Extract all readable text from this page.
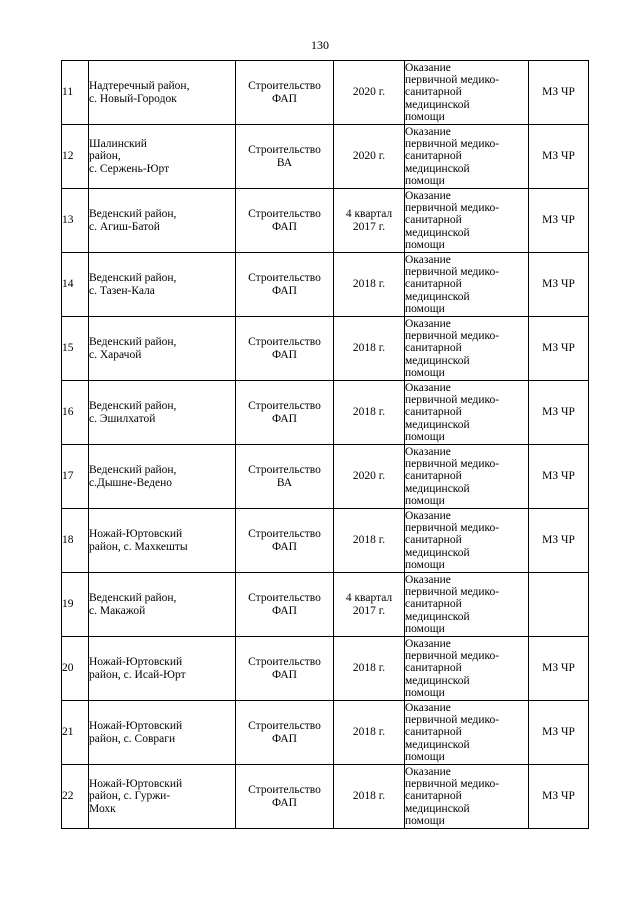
130
11	Надтеречный район,
с. Новый-Городок	Строительство
ФАП	2020 г.	Оказание
первичной медико-
санитарной
медицинской
помощи	МЗ ЧР
12	Шалинский
район,
с. Сержень-Юрт	Строительство
ВА	2020 г.	Оказание
первичной медико-
санитарной
медицинской
помощи	МЗ ЧР
13	Веденский район,
с. Агиш-Батой	Строительство
ФАП	4 квартал
2017 г.	Оказание
первичной медико-
санитарной
медицинской
помощи	МЗ ЧР
14	Веденский район,
с. Тазен-Кала	Строительство
ФАП	2018 г.	Оказание
первичной медико-
санитарной
медицинской
помощи	МЗ ЧР
15	Веденский район,
с. Харачой	Строительство
ФАП	2018 г.	Оказание
первичной медико-
санитарной
медицинской
помощи	МЗ ЧР
16	Веденский район,
с. Эшилхатой	Строительство
ФАП	2018 г.	Оказание
первичной медико-
санитарной
медицинской
помощи	МЗ ЧР
17	Веденский район,
с.Дышне-Ведено	Строительство
ВА	2020 г.	Оказание
первичной медико-
санитарной
медицинской
помощи	МЗ ЧР
18	Ножай-Юртовский
район, с. Махкешты	Строительство
ФАП	2018 г.	Оказание
первичной медико-
санитарной
медицинской
помощи	МЗ ЧР
19	Веденский район,
с. Макажой	Строительство
ФАП	4 квартал
2017 г.	Оказание
первичной медико-
санитарной
медицинской
помощи	

20	Ножай-Юртовский
район, с. Исай-Юрт	Строительство
ФАП	2018 г.	Оказание
первичной медико-
санитарной
медицинской
помощи	МЗ ЧР
21	Ножай-Юртовский
район, с. Совраги	Строительство
ФАП	2018 г.	Оказание
первичной медико-
санитарной
медицинской
помощи	МЗ ЧР
22	Ножай-Юртовский
район, с. Гуржи-
Мохк	Строительство
ФАП	2018 г.	Оказание
первичной медико-
санитарной
медицинской
помощи	МЗ ЧР
